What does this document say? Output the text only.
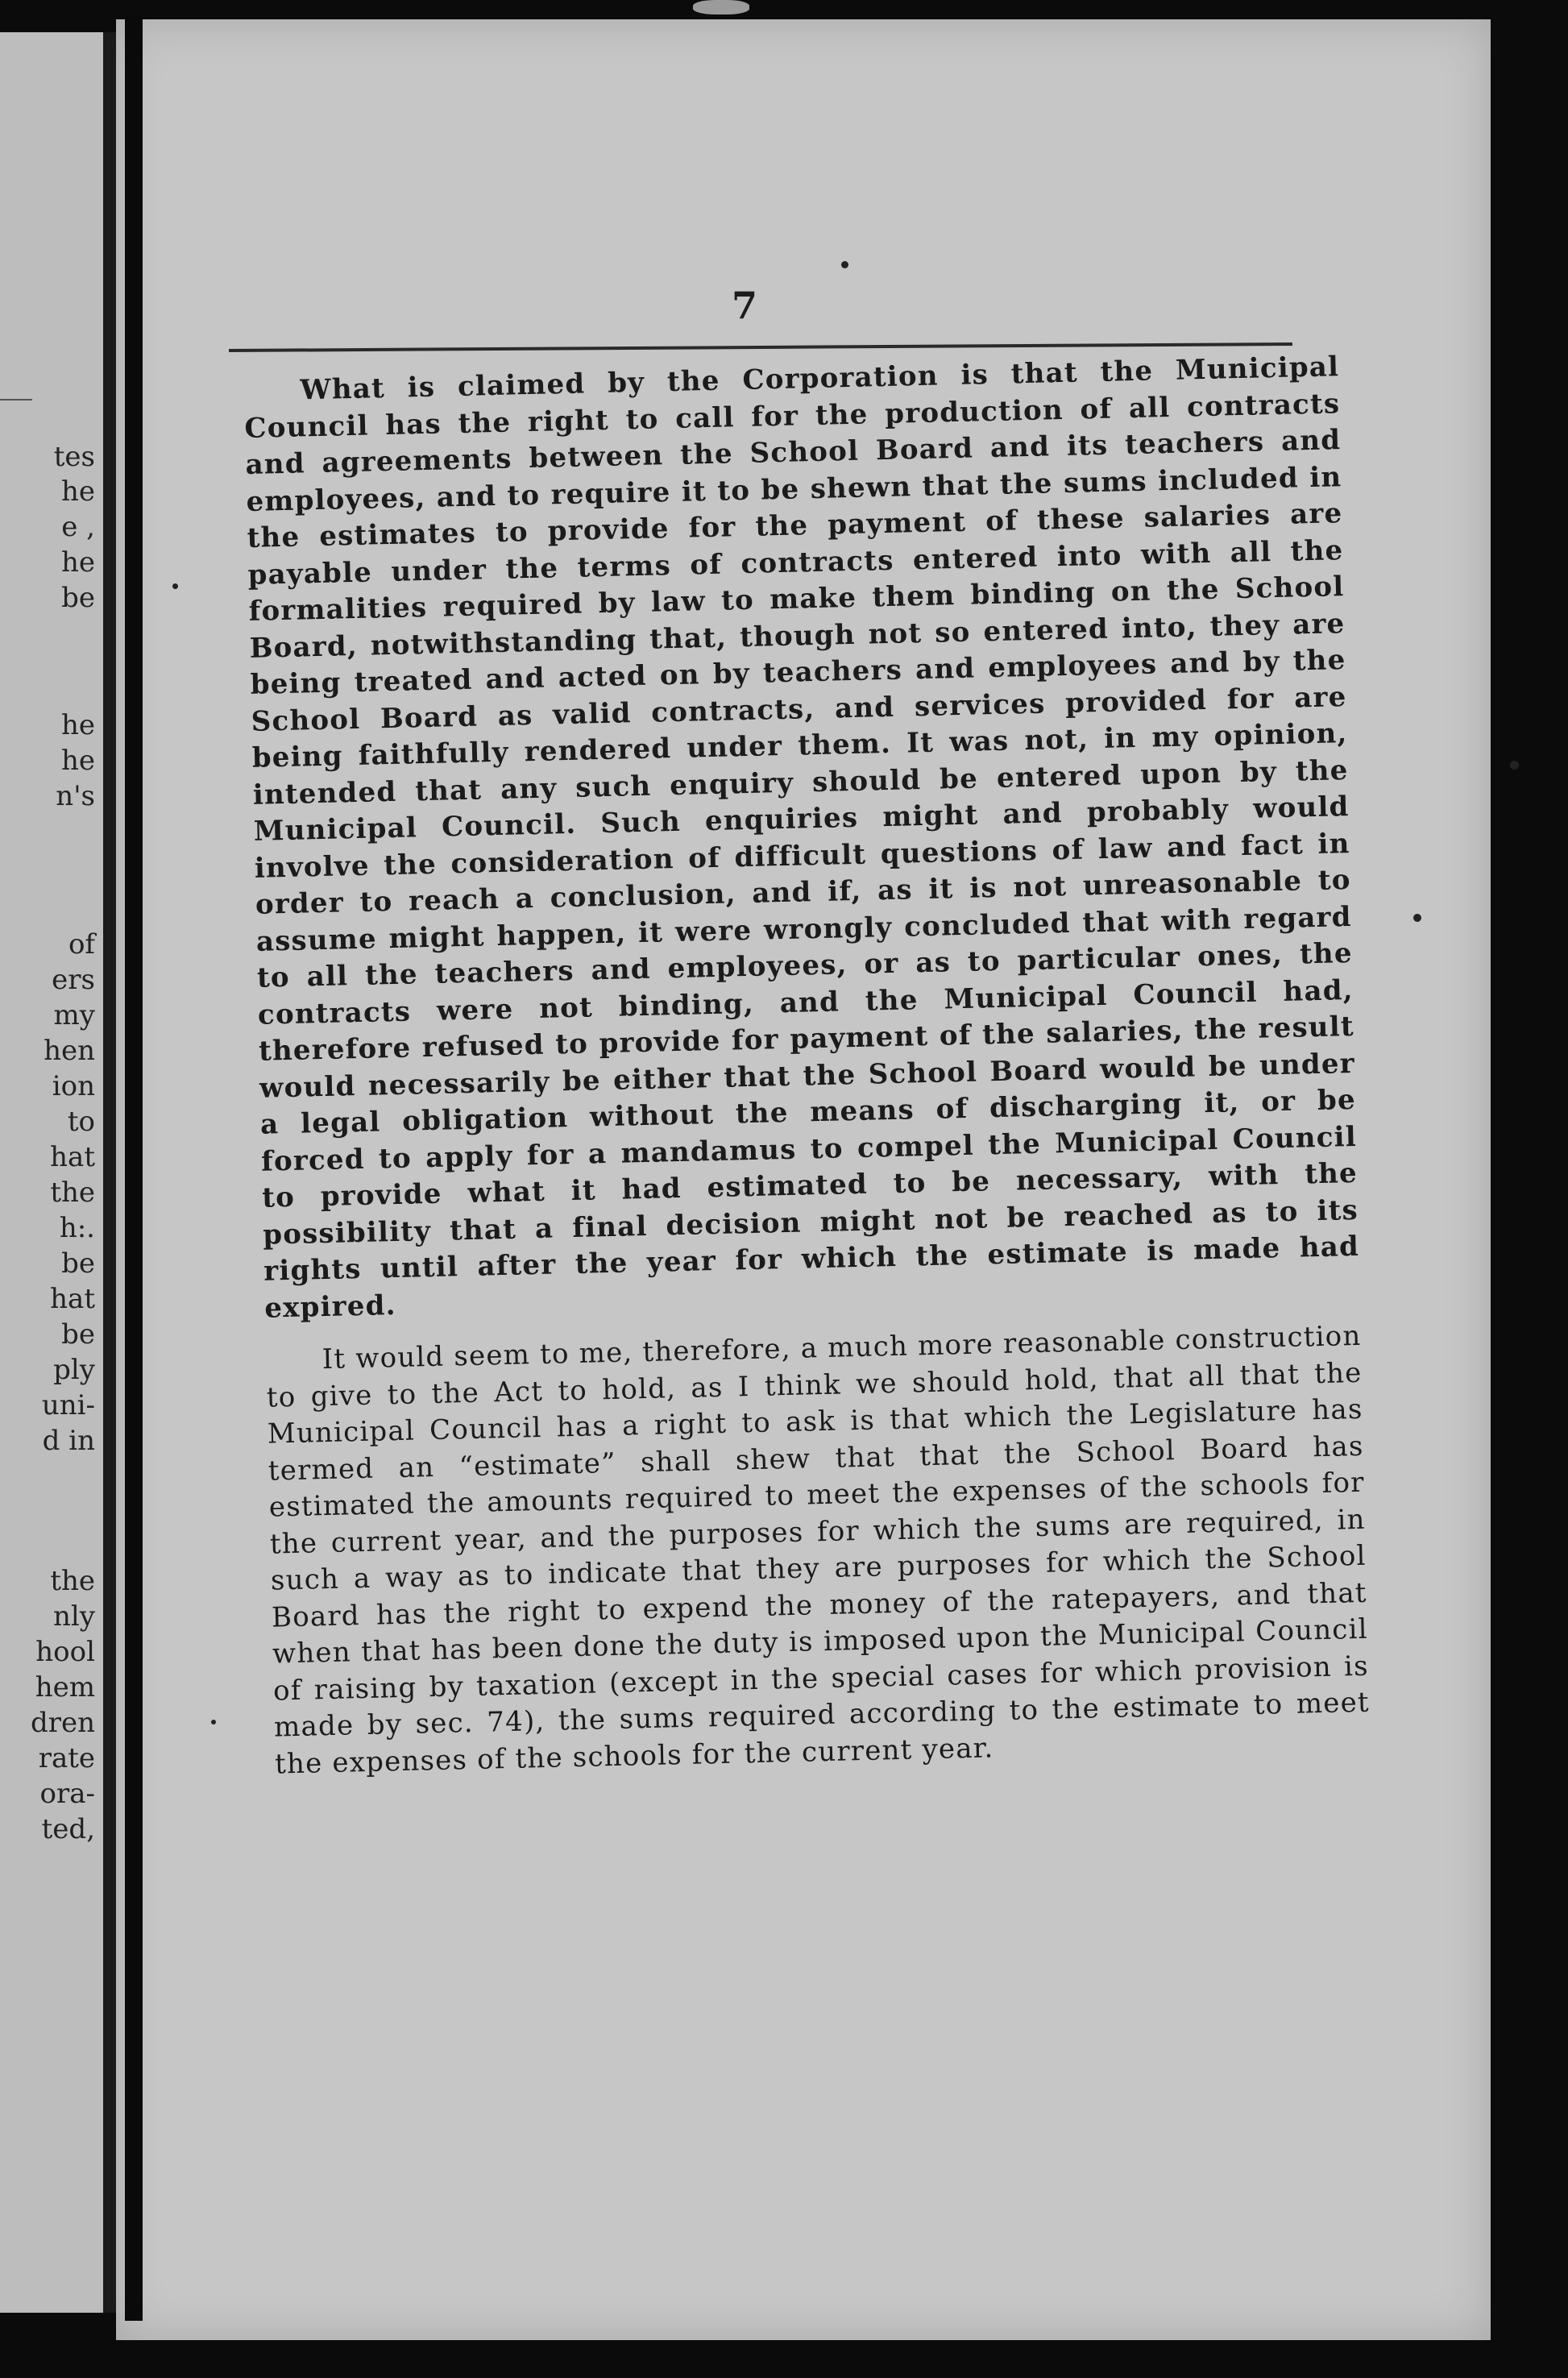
tes
he
e ,
he
be
he
he
n's
of
ers
my
hen
ion
to
hat
the
h:.
be
hat
be
ply
uni-
d in
the
nly
hool
hem
dren
rate
ora-
ted,
7

What is claimed by the Corporation is that the Municipal Council has the right to call for the production of all contracts and agreements between the School Board and its teachers and employees, and to require it to be shewn that the sums included in the estimates to provide for the payment of these salaries are payable under the terms of contracts entered into with all the formalities required by law to make them binding on the School Board, notwithstanding that, though not so entered into, they are being treated and acted on by teachers and employees and by the School Board as valid contracts, and services provided for are being faithfully rendered under them. It was not, in my opinion, intended that any such enquiry should be entered upon by the Municipal Council. Such enquiries might and probably would involve the consideration of difficult questions of law and fact in order to reach a conclusion, and if, as it is not unreasonable to assume might happen, it were wrongly concluded that with regard to all the teachers and employees, or as to particular ones, the contracts were not binding, and the Municipal Council had, therefore refused to provide for payment of the salaries, the result would necessarily be either that the School Board would be under a legal obligation without the means of discharging it, or be forced to apply for a mandamus to compel the Municipal Council to provide what it had estimated to be necessary, with the possibility that a final decision might not be reached as to its rights until after the year for which the estimate is made had expired.

It would seem to me, therefore, a much more reasonable construction to give to the Act to hold, as I think we should hold, that all that the Municipal Council has a right to ask is that which the Legislature has termed an “estimate” shall shew that that the School Board has estimated the amounts required to meet the expenses of the schools for the current year, and the purposes for which the sums are required, in such a way as to indicate that they are purposes for which the School Board has the right to expend the money of the ratepayers, and that when that has been done the duty is imposed upon the Municipal Council of raising by taxation (except in the special cases for which provision is made by sec. 74), the sums required according to the estimate to meet the expenses of the schools for the current year.
